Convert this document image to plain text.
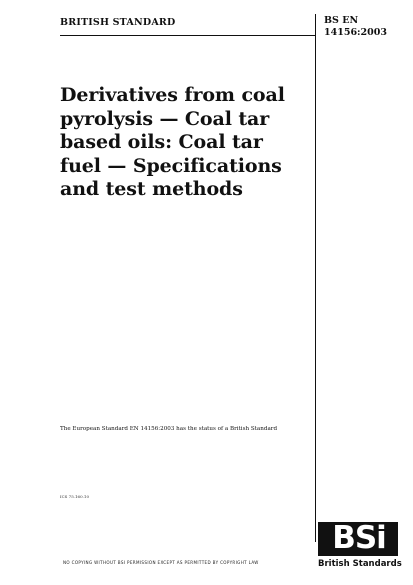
BRITISH STANDARD	BS EN
14156:2003
Derivatives from coal
pyrolysis — Coal tar
based oils: Coal tar
fuel — Specifications
and test methods

The European Standard EN 14156:2003 has the status of a British Standard

ICS 75.160.10
BSi
British Standards
NO COPYING WITHOUT BSI PERMISSION EXCEPT AS PERMITTED BY COPYRIGHT LAW
